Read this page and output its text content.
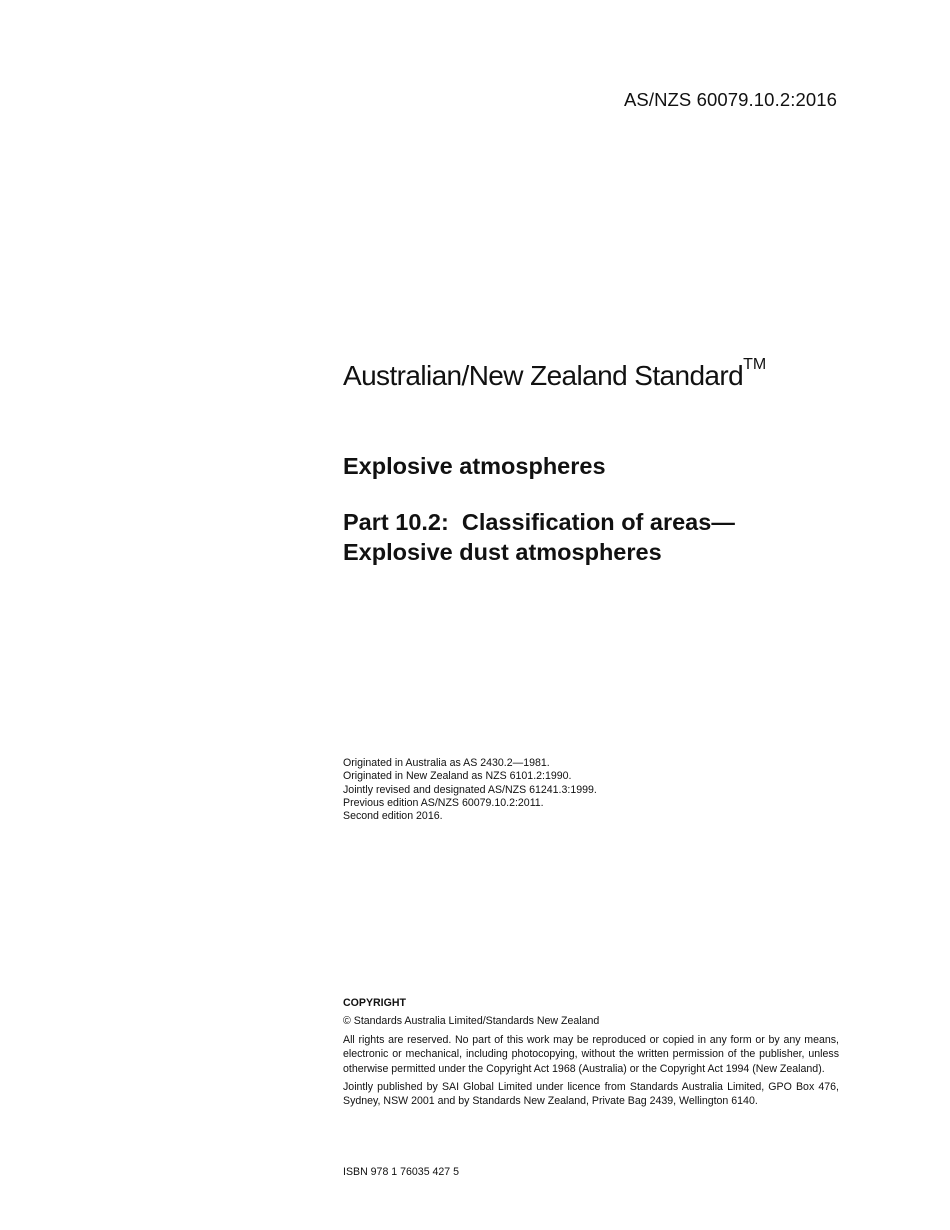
AS/NZS 60079.10.2:2016
Australian/New Zealand Standard™
Explosive atmospheres
Part 10.2:  Classification of areas—
Explosive dust atmospheres
Originated in Australia as AS 2430.2—1981.
Originated in New Zealand as NZS 6101.2:1990.
Jointly revised and designated AS/NZS 61241.3:1999.
Previous edition AS/NZS 60079.10.2:2011.
Second edition 2016.
COPYRIGHT
© Standards Australia Limited/Standards New Zealand

All rights are reserved. No part of this work may be reproduced or copied in any form or by any means, electronic or mechanical, including photocopying, without the written permission of the publisher, unless otherwise permitted under the Copyright Act 1968 (Australia) or the Copyright Act 1994 (New Zealand).

Jointly published by SAI Global Limited under licence from Standards Australia Limited, GPO Box 476, Sydney, NSW 2001 and by Standards New Zealand, Private Bag 2439, Wellington 6140.

ISBN 978 1 76035 427 5
